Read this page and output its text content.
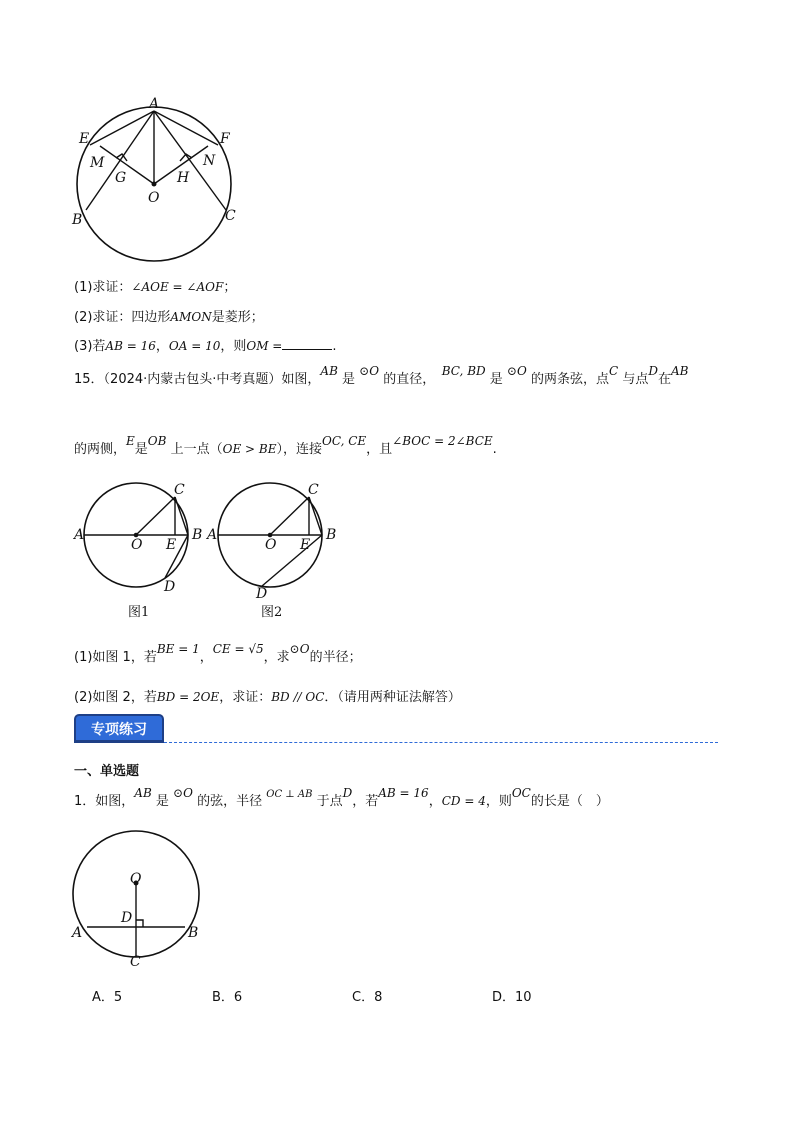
A
E	F
M	N
G	H
O
B	C
(1)求证：∠AOE = ∠AOF；
(2)求证：四边形AMON是菱形；
(3)若AB = 16，OA = 10，则OM =	.
15．（2024·内蒙古包头·中考真题）如图，AB 是 ⊙O 的直径，　BC, BD 是 ⊙O 的两条弦，点C 与点D在AB
的两侧，E是OB 上一点（OE > BE），连接OC, CE，且∠BOC = 2∠BCE.
A
O E
B
C
D
图1
A
O E
B
C
D
图2
(1)如图 1，若BE = 1，CE = √5，求⊙O的半径；
(2)如图 2，若BD = 2OE，求证：BD // OC．（请用两种证法解答）
专项练习
一、单选题
1．如图，AB 是 ⊙O 的弦，半径 $^{OC \perp AB}$ 于点D，若AB = 16，CD = 4，则OC的长是（　）
O
D
A	B
C
A．5	B．6	C．8	D．10
